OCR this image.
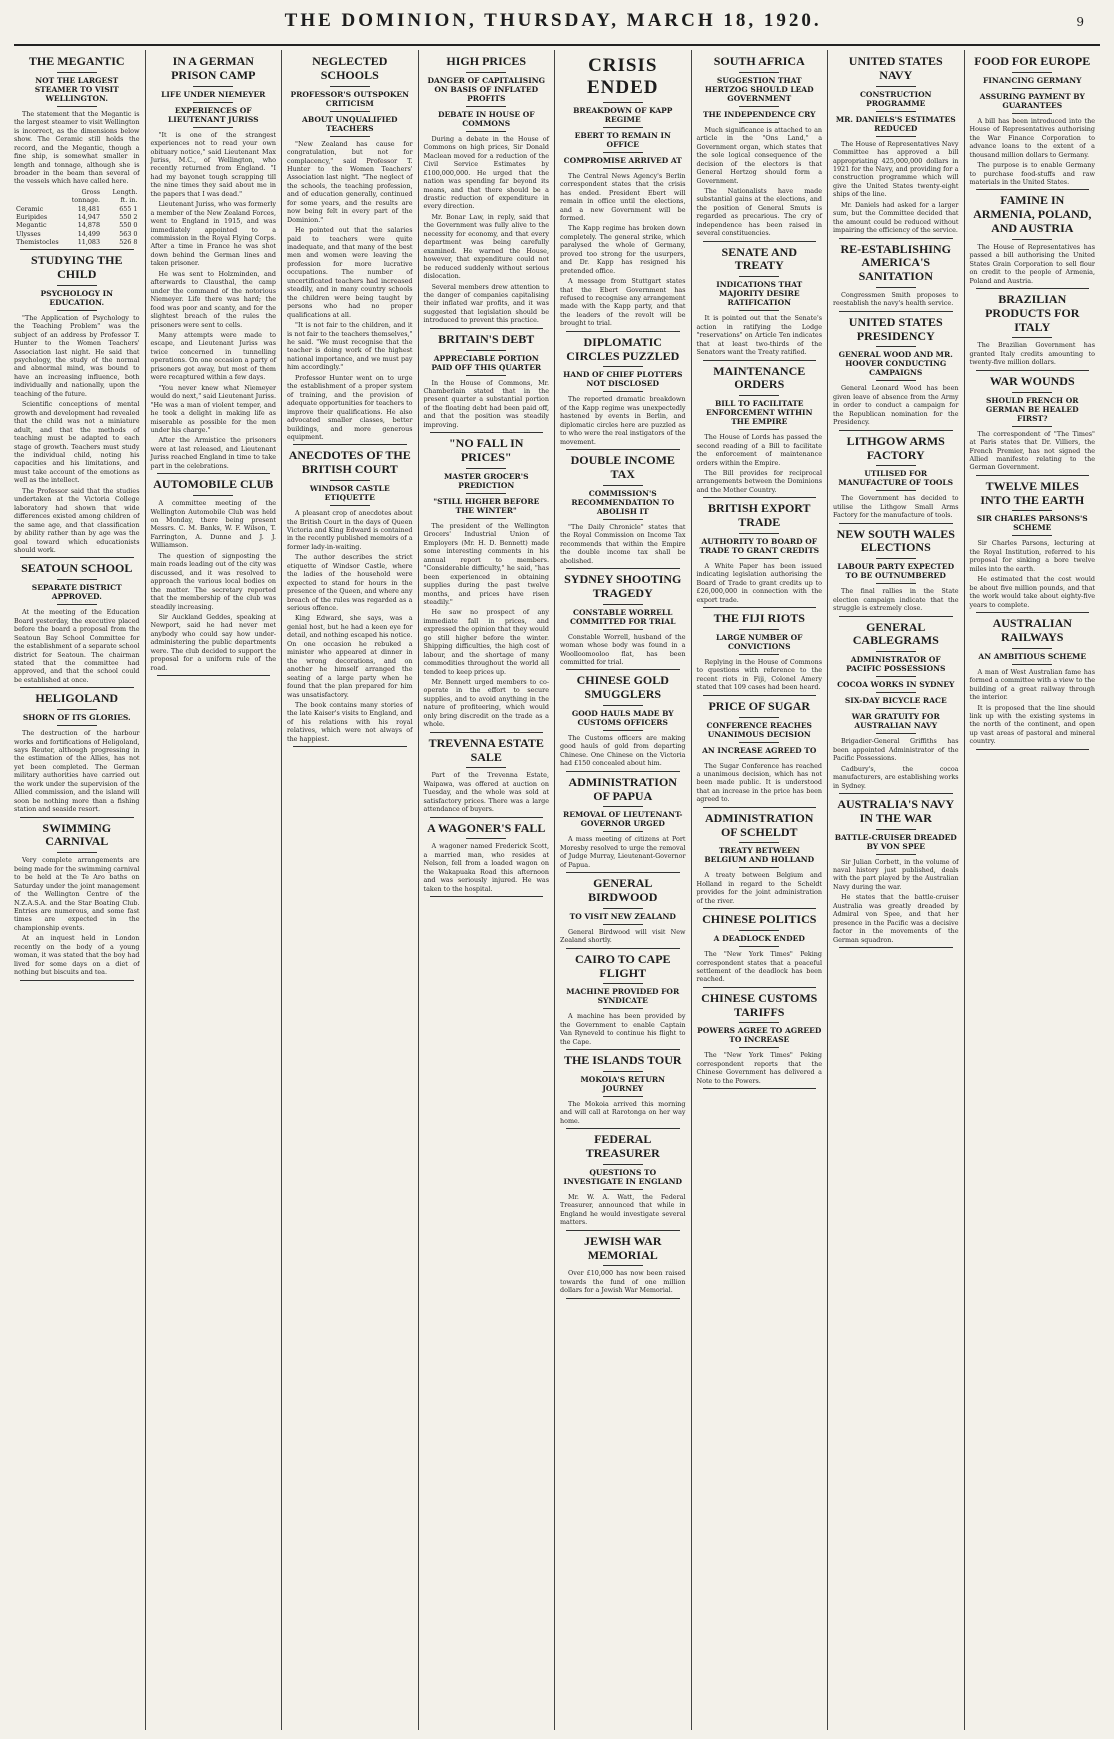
THE DOMINION, THURSDAY, MARCH 18, 1920.	9
THE MEGANTIC
NOT THE LARGEST STEAMER TO VISIT WELLINGTON.

The statement that the Megantic is the largest steamer to visit Wellington is incorrect, as the dimensions below show. The Ceramic still holds the record, and the Megantic, though a fine ship, is somewhat smaller in length and tonnage, although she is broader in the beam than several of the vessels which have called here.

	Gross tonnage.	Length. ft. in.
Ceramic	18,481	655 1
Euripides	14,947	550 2
Megantic	14,878	550 0
Ulysses	14,499	563 0
Themistocles	11,083	526 8
STUDYING THE CHILD
PSYCHOLOGY IN EDUCATION.

"The Application of Psychology to the Teaching Problem" was the subject of an address by Professor T. Hunter to the Women Teachers' Association last night. He said that psychology, the study of the normal and abnormal mind, was bound to have an increasing influence, both individually and nationally, upon the teaching of the future.

Scientific conceptions of mental growth and development had revealed that the child was not a miniature adult, and that the methods of teaching must be adapted to each stage of growth. Teachers must study the individual child, noting his capacities and his limitations, and must take account of the emotions as well as the intellect.

The Professor said that the studies undertaken at the Victoria College laboratory had shown that wide differences existed among children of the same age, and that classification by ability rather than by age was the goal toward which educationists should work.

SEATOUN SCHOOL
SEPARATE DISTRICT APPROVED.

At the meeting of the Education Board yesterday, the executive placed before the board a proposal from the Seatoun Bay School Committee for the establishment of a separate school district for Seatoun. The chairman stated that the committee had approved, and that the school could be established at once.

HELIGOLAND
SHORN OF ITS GLORIES.

The destruction of the harbour works and fortifications of Heligoland, says Reuter, although progressing in the estimation of the Allies, has not yet been completed. The German military authorities have carried out the work under the supervision of the Allied commission, and the island will soon be nothing more than a fishing station and seaside resort.

SWIMMING CARNIVAL

Very complete arrangements are being made for the swimming carnival to be held at the Te Aro baths on Saturday under the joint management of the Wellington Centre of the N.Z.A.S.A. and the Star Boating Club. Entries are numerous, and some fast times are expected in the championship events.

At an inquest held in London recently on the body of a young woman, it was stated that the boy had lived for some days on a diet of nothing but biscuits and tea.

IN A GERMAN PRISON CAMP
LIFE UNDER NIEMEYER
EXPERIENCES OF LIEUTENANT JURISS

"It is one of the strangest experiences not to read your own obituary notice," said Lieutenant Max Juriss, M.C., of Wellington, who recently returned from England. "I had my bayonet tough scrapping till the nine times they said about me in the papers that I was dead."

Lieutenant Juriss, who was formerly a member of the New Zealand Forces, went to England in 1915, and was immediately appointed to a commission in the Royal Flying Corps. After a time in France he was shot down behind the German lines and taken prisoner.

He was sent to Holzminden, and afterwards to Clausthal, the camp under the command of the notorious Niemeyer. Life there was hard; the food was poor and scanty, and for the slightest breach of the rules the prisoners were sent to cells.

Many attempts were made to escape, and Lieutenant Juriss was twice concerned in tunnelling operations. On one occasion a party of prisoners got away, but most of them were recaptured within a few days.

"You never knew what Niemeyer would do next," said Lieutenant Juriss. "He was a man of violent temper, and he took a delight in making life as miserable as possible for the men under his charge."

After the Armistice the prisoners were at last released, and Lieutenant Juriss reached England in time to take part in the celebrations.

AUTOMOBILE CLUB

A committee meeting of the Wellington Automobile Club was held on Monday, there being present Messrs. C. M. Banks, W. F. Wilson, T. Farrington, A. Dunne and J. J. Williamson.

The question of signposting the main roads leading out of the city was discussed, and it was resolved to approach the various local bodies on the matter. The secretary reported that the membership of the club was steadily increasing.

Sir Auckland Geddes, speaking at Newport, said he had never met anybody who could say how under-administering the public departments were. The club decided to support the proposal for a uniform rule of the road.

NEGLECTED SCHOOLS
PROFESSOR'S OUTSPOKEN CRITICISM
ABOUT UNQUALIFIED TEACHERS

"New Zealand has cause for congratulation, but not for complacency," said Professor T. Hunter to the Women Teachers' Association last night. "The neglect of the schools, the teaching profession, and of education generally, continued for some years, and the results are now being felt in every part of the Dominion."

He pointed out that the salaries paid to teachers were quite inadequate, and that many of the best men and women were leaving the profession for more lucrative occupations. The number of uncertificated teachers had increased steadily, and in many country schools the children were being taught by persons who had no proper qualifications at all.

"It is not fair to the children, and it is not fair to the teachers themselves," he said. "We must recognise that the teacher is doing work of the highest national importance, and we must pay him accordingly."

Professor Hunter went on to urge the establishment of a proper system of training, and the provision of adequate opportunities for teachers to improve their qualifications. He also advocated smaller classes, better buildings, and more generous equipment.

ANECDOTES OF THE BRITISH COURT
WINDSOR CASTLE ETIQUETTE

A pleasant crop of anecdotes about the British Court in the days of Queen Victoria and King Edward is contained in the recently published memoirs of a former lady-in-waiting.

The author describes the strict etiquette of Windsor Castle, where the ladies of the household were expected to stand for hours in the presence of the Queen, and where any breach of the rules was regarded as a serious offence.

King Edward, she says, was a genial host, but he had a keen eye for detail, and nothing escaped his notice. On one occasion he rebuked a minister who appeared at dinner in the wrong decorations, and on another he himself arranged the seating of a large party when he found that the plan prepared for him was unsatisfactory.

The book contains many stories of the late Kaiser's visits to England, and of his relations with his royal relatives, which were not always of the happiest.

HIGH PRICES
DANGER OF CAPITALISING ON BASIS OF INFLATED PROFITS
DEBATE IN HOUSE OF COMMONS

During a debate in the House of Commons on high prices, Sir Donald Maclean moved for a reduction of the Civil Service Estimates by £100,000,000. He urged that the nation was spending far beyond its means, and that there should be a drastic reduction of expenditure in every direction.

Mr. Bonar Law, in reply, said that the Government was fully alive to the necessity for economy, and that every department was being carefully examined. He warned the House, however, that expenditure could not be reduced suddenly without serious dislocation.

Several members drew attention to the danger of companies capitalising their inflated war profits, and it was suggested that legislation should be introduced to prevent this practice.

BRITAIN'S DEBT
APPRECIABLE PORTION PAID OFF THIS QUARTER

In the House of Commons, Mr. Chamberlain stated that in the present quarter a substantial portion of the floating debt had been paid off, and that the position was steadily improving.

"NO FALL IN PRICES"
MASTER GROCER'S PREDICTION
"STILL HIGHER BEFORE THE WINTER"

The president of the Wellington Grocers' Industrial Union of Employers (Mr. H. D. Bennett) made some interesting comments in his annual report to members. "Considerable difficulty," he said, "has been experienced in obtaining supplies during the past twelve months, and prices have risen steadily."

He saw no prospect of any immediate fall in prices, and expressed the opinion that they would go still higher before the winter. Shipping difficulties, the high cost of labour, and the shortage of many commodities throughout the world all tended to keep prices up.

Mr. Bennett urged members to co-operate in the effort to secure supplies, and to avoid anything in the nature of profiteering, which would only bring discredit on the trade as a whole.

TREVENNA ESTATE SALE

Part of the Trevenna Estate, Waipawa, was offered at auction on Tuesday, and the whole was sold at satisfactory prices. There was a large attendance of buyers.

A WAGONER'S FALL

A wagoner named Frederick Scott, a married man, who resides at Nelson, fell from a loaded wagon on the Wakapuaka Road this afternoon and was seriously injured. He was taken to the hospital.

CRISIS ENDED
BREAKDOWN OF KAPP REGIME
EBERT TO REMAIN IN OFFICE
COMPROMISE ARRIVED AT

The Central News Agency's Berlin correspondent states that the crisis has ended. President Ebert will remain in office until the elections, and a new Government will be formed.

The Kapp regime has broken down completely. The general strike, which paralysed the whole of Germany, proved too strong for the usurpers, and Dr. Kapp has resigned his pretended office.

A message from Stuttgart states that the Ebert Government has refused to recognise any arrangement made with the Kapp party, and that the leaders of the revolt will be brought to trial.

DIPLOMATIC CIRCLES PUZZLED
HAND OF CHIEF PLOTTERS NOT DISCLOSED

The reported dramatic breakdown of the Kapp regime was unexpectedly hastened by events in Berlin, and diplomatic circles here are puzzled as to who were the real instigators of the movement.

DOUBLE INCOME TAX
COMMISSION'S RECOMMENDATION TO ABOLISH IT

"The Daily Chronicle" states that the Royal Commission on Income Tax recommends that within the Empire the double income tax shall be abolished.

SYDNEY SHOOTING TRAGEDY
CONSTABLE WORRELL COMMITTED FOR TRIAL

Constable Worrell, husband of the woman whose body was found in a Woolloomooloo flat, has been committed for trial.

CHINESE GOLD SMUGGLERS
GOOD HAULS MADE BY CUSTOMS OFFICERS

The Customs officers are making good hauls of gold from departing Chinese. One Chinese on the Victoria had £150 concealed about him.

ADMINISTRATION OF PAPUA
REMOVAL OF LIEUTENANT-GOVERNOR URGED

A mass meeting of citizens at Port Moresby resolved to urge the removal of Judge Murray, Lieutenant-Governor of Papua.

GENERAL BIRDWOOD
TO VISIT NEW ZEALAND

General Birdwood will visit New Zealand shortly.

CAIRO TO CAPE FLIGHT
MACHINE PROVIDED FOR SYNDICATE

A machine has been provided by the Government to enable Captain Van Ryneveld to continue his flight to the Cape.

THE ISLANDS TOUR
MOKOIA'S RETURN JOURNEY

The Mokoia arrived this morning and will call at Rarotonga on her way home.

FEDERAL TREASURER
QUESTIONS TO INVESTIGATE IN ENGLAND

Mr. W. A. Watt, the Federal Treasurer, announced that while in England he would investigate several matters.

JEWISH WAR MEMORIAL

Over £10,000 has now been raised towards the fund of one million dollars for a Jewish War Memorial.

SOUTH AFRICA
SUGGESTION THAT HERTZOG SHOULD LEAD GOVERNMENT
THE INDEPENDENCE CRY

Much significance is attached to an article in the "Ons Land," a Government organ, which states that the sole logical consequence of the decision of the electors is that General Hertzog should form a Government.

The Nationalists have made substantial gains at the elections, and the position of General Smuts is regarded as precarious. The cry of independence has been raised in several constituencies.

SENATE AND TREATY
INDICATIONS THAT MAJORITY DESIRE RATIFICATION

It is pointed out that the Senate's action in ratifying the Lodge "reservations" on Article Ten indicates that at least two-thirds of the Senators want the Treaty ratified.

MAINTENANCE ORDERS
BILL TO FACILITATE ENFORCEMENT WITHIN THE EMPIRE

The House of Lords has passed the second reading of a Bill to facilitate the enforcement of maintenance orders within the Empire.

The Bill provides for reciprocal arrangements between the Dominions and the Mother Country.

BRITISH EXPORT TRADE
AUTHORITY TO BOARD OF TRADE TO GRANT CREDITS

A White Paper has been issued indicating legislation authorising the Board of Trade to grant credits up to £26,000,000 in connection with the export trade.

THE FIJI RIOTS
LARGE NUMBER OF CONVICTIONS

Replying in the House of Commons to questions with reference to the recent riots in Fiji, Colonel Amery stated that 109 cases had been heard.

PRICE OF SUGAR
CONFERENCE REACHES UNANIMOUS DECISION
AN INCREASE AGREED TO

The Sugar Conference has reached a unanimous decision, which has not been made public. It is understood that an increase in the price has been agreed to.

ADMINISTRATION OF SCHELDT
TREATY BETWEEN BELGIUM AND HOLLAND

A treaty between Belgium and Holland in regard to the Scheldt provides for the joint administration of the river.

CHINESE POLITICS
A DEADLOCK ENDED

The "New York Times" Peking correspondent states that a peaceful settlement of the deadlock has been reached.

CHINESE CUSTOMS TARIFFS
POWERS AGREE TO AGREED TO INCREASE

The "New York Times" Peking correspondent reports that the Chinese Government has delivered a Note to the Powers.

UNITED STATES NAVY
CONSTRUCTION PROGRAMME
MR. DANIELS'S ESTIMATES REDUCED

The House of Representatives Navy Committee has approved a bill appropriating 425,000,000 dollars in 1921 for the Navy, and providing for a construction programme which will give the United States twenty-eight ships of the line.

Mr. Daniels had asked for a larger sum, but the Committee decided that the amount could be reduced without impairing the efficiency of the service.

RE-ESTABLISHING AMERICA'S SANITATION

Congressmen Smith proposes to reestablish the navy's health service.

UNITED STATES PRESIDENCY
GENERAL WOOD AND MR. HOOVER CONDUCTING CAMPAIGNS

General Leonard Wood has been given leave of absence from the Army in order to conduct a campaign for the Republican nomination for the Presidency.

LITHGOW ARMS FACTORY
UTILISED FOR MANUFACTURE OF TOOLS

The Government has decided to utilise the Lithgow Small Arms Factory for the manufacture of tools.

NEW SOUTH WALES ELECTIONS
LABOUR PARTY EXPECTED TO BE OUTNUMBERED

The final rallies in the State election campaign indicate that the struggle is extremely close.

GENERAL CABLEGRAMS
ADMINISTRATOR OF PACIFIC POSSESSIONS
COCOA WORKS IN SYDNEY
SIX-DAY BICYCLE RACE
WAR GRATUITY FOR AUSTRALIAN NAVY

Brigadier-General Griffiths has been appointed Administrator of the Pacific Possessions.

Cadbury's, the cocoa manufacturers, are establishing works in Sydney.

AUSTRALIA'S NAVY IN THE WAR
BATTLE-CRUISER DREADED BY VON SPEE

Sir Julian Corbett, in the volume of naval history just published, deals with the part played by the Australian Navy during the war.

He states that the battle-cruiser Australia was greatly dreaded by Admiral von Spee, and that her presence in the Pacific was a decisive factor in the movements of the German squadron.

FOOD FOR EUROPE
FINANCING GERMANY
ASSURING PAYMENT BY GUARANTEES

A bill has been introduced into the House of Representatives authorising the War Finance Corporation to advance loans to the extent of a thousand million dollars to Germany.

The purpose is to enable Germany to purchase food-stuffs and raw materials in the United States.

FAMINE IN ARMENIA, POLAND, AND AUSTRIA

The House of Representatives has passed a bill authorising the United States Grain Corporation to sell flour on credit to the people of Armenia, Poland and Austria.

BRAZILIAN PRODUCTS FOR ITALY

The Brazilian Government has granted Italy credits amounting to twenty-five million dollars.

WAR WOUNDS
SHOULD FRENCH OR GERMAN BE HEALED FIRST?

The correspondent of "The Times" at Paris states that Dr. Villiers, the French Premier, has not signed the Allied manifesto relating to the German Government.

TWELVE MILES INTO THE EARTH
SIR CHARLES PARSONS'S SCHEME

Sir Charles Parsons, lecturing at the Royal Institution, referred to his proposal for sinking a bore twelve miles into the earth.

He estimated that the cost would be about five million pounds, and that the work would take about eighty-five years to complete.

AUSTRALIAN RAILWAYS
AN AMBITIOUS SCHEME

A man of West Australian fame has formed a committee with a view to the building of a great railway through the interior.

It is proposed that the line should link up with the existing systems in the north of the continent, and open up vast areas of pastoral and mineral country.
